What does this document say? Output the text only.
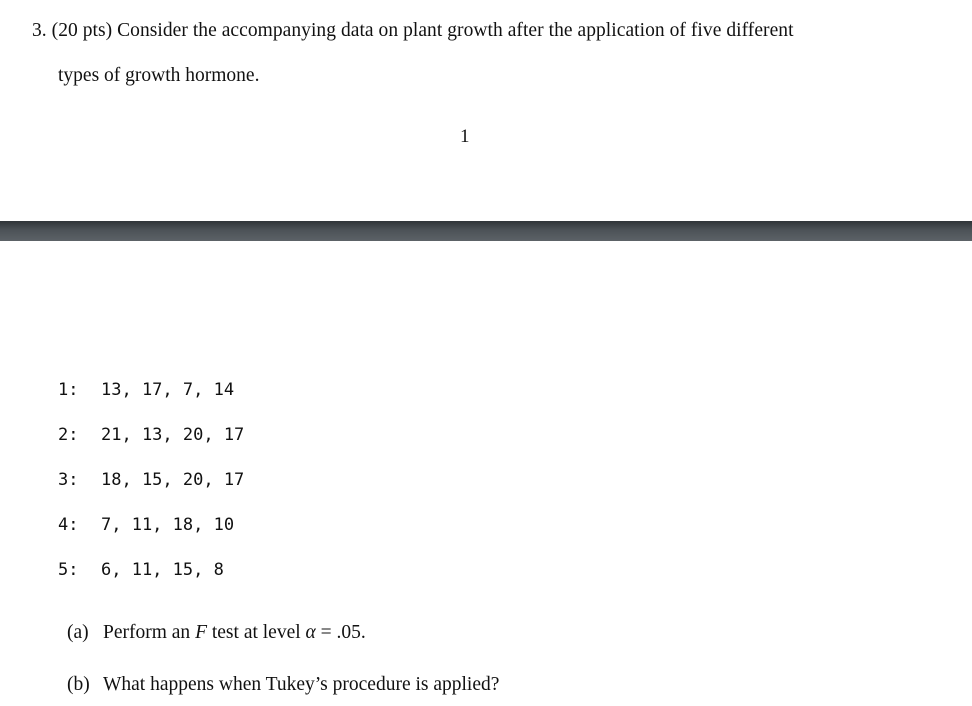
3. (20 pts) Consider the accompanying data on plant growth after the application of five different
types of growth hormone.
1
1: 13, 17, 7, 14
2: 21, 13, 20, 17
3: 18, 15, 20, 17
4: 7, 11, 18, 10
5: 6, 11, 15, 8
(a) Perform an F test at level α = .05.
(b) What happens when Tukey’s procedure is applied?
